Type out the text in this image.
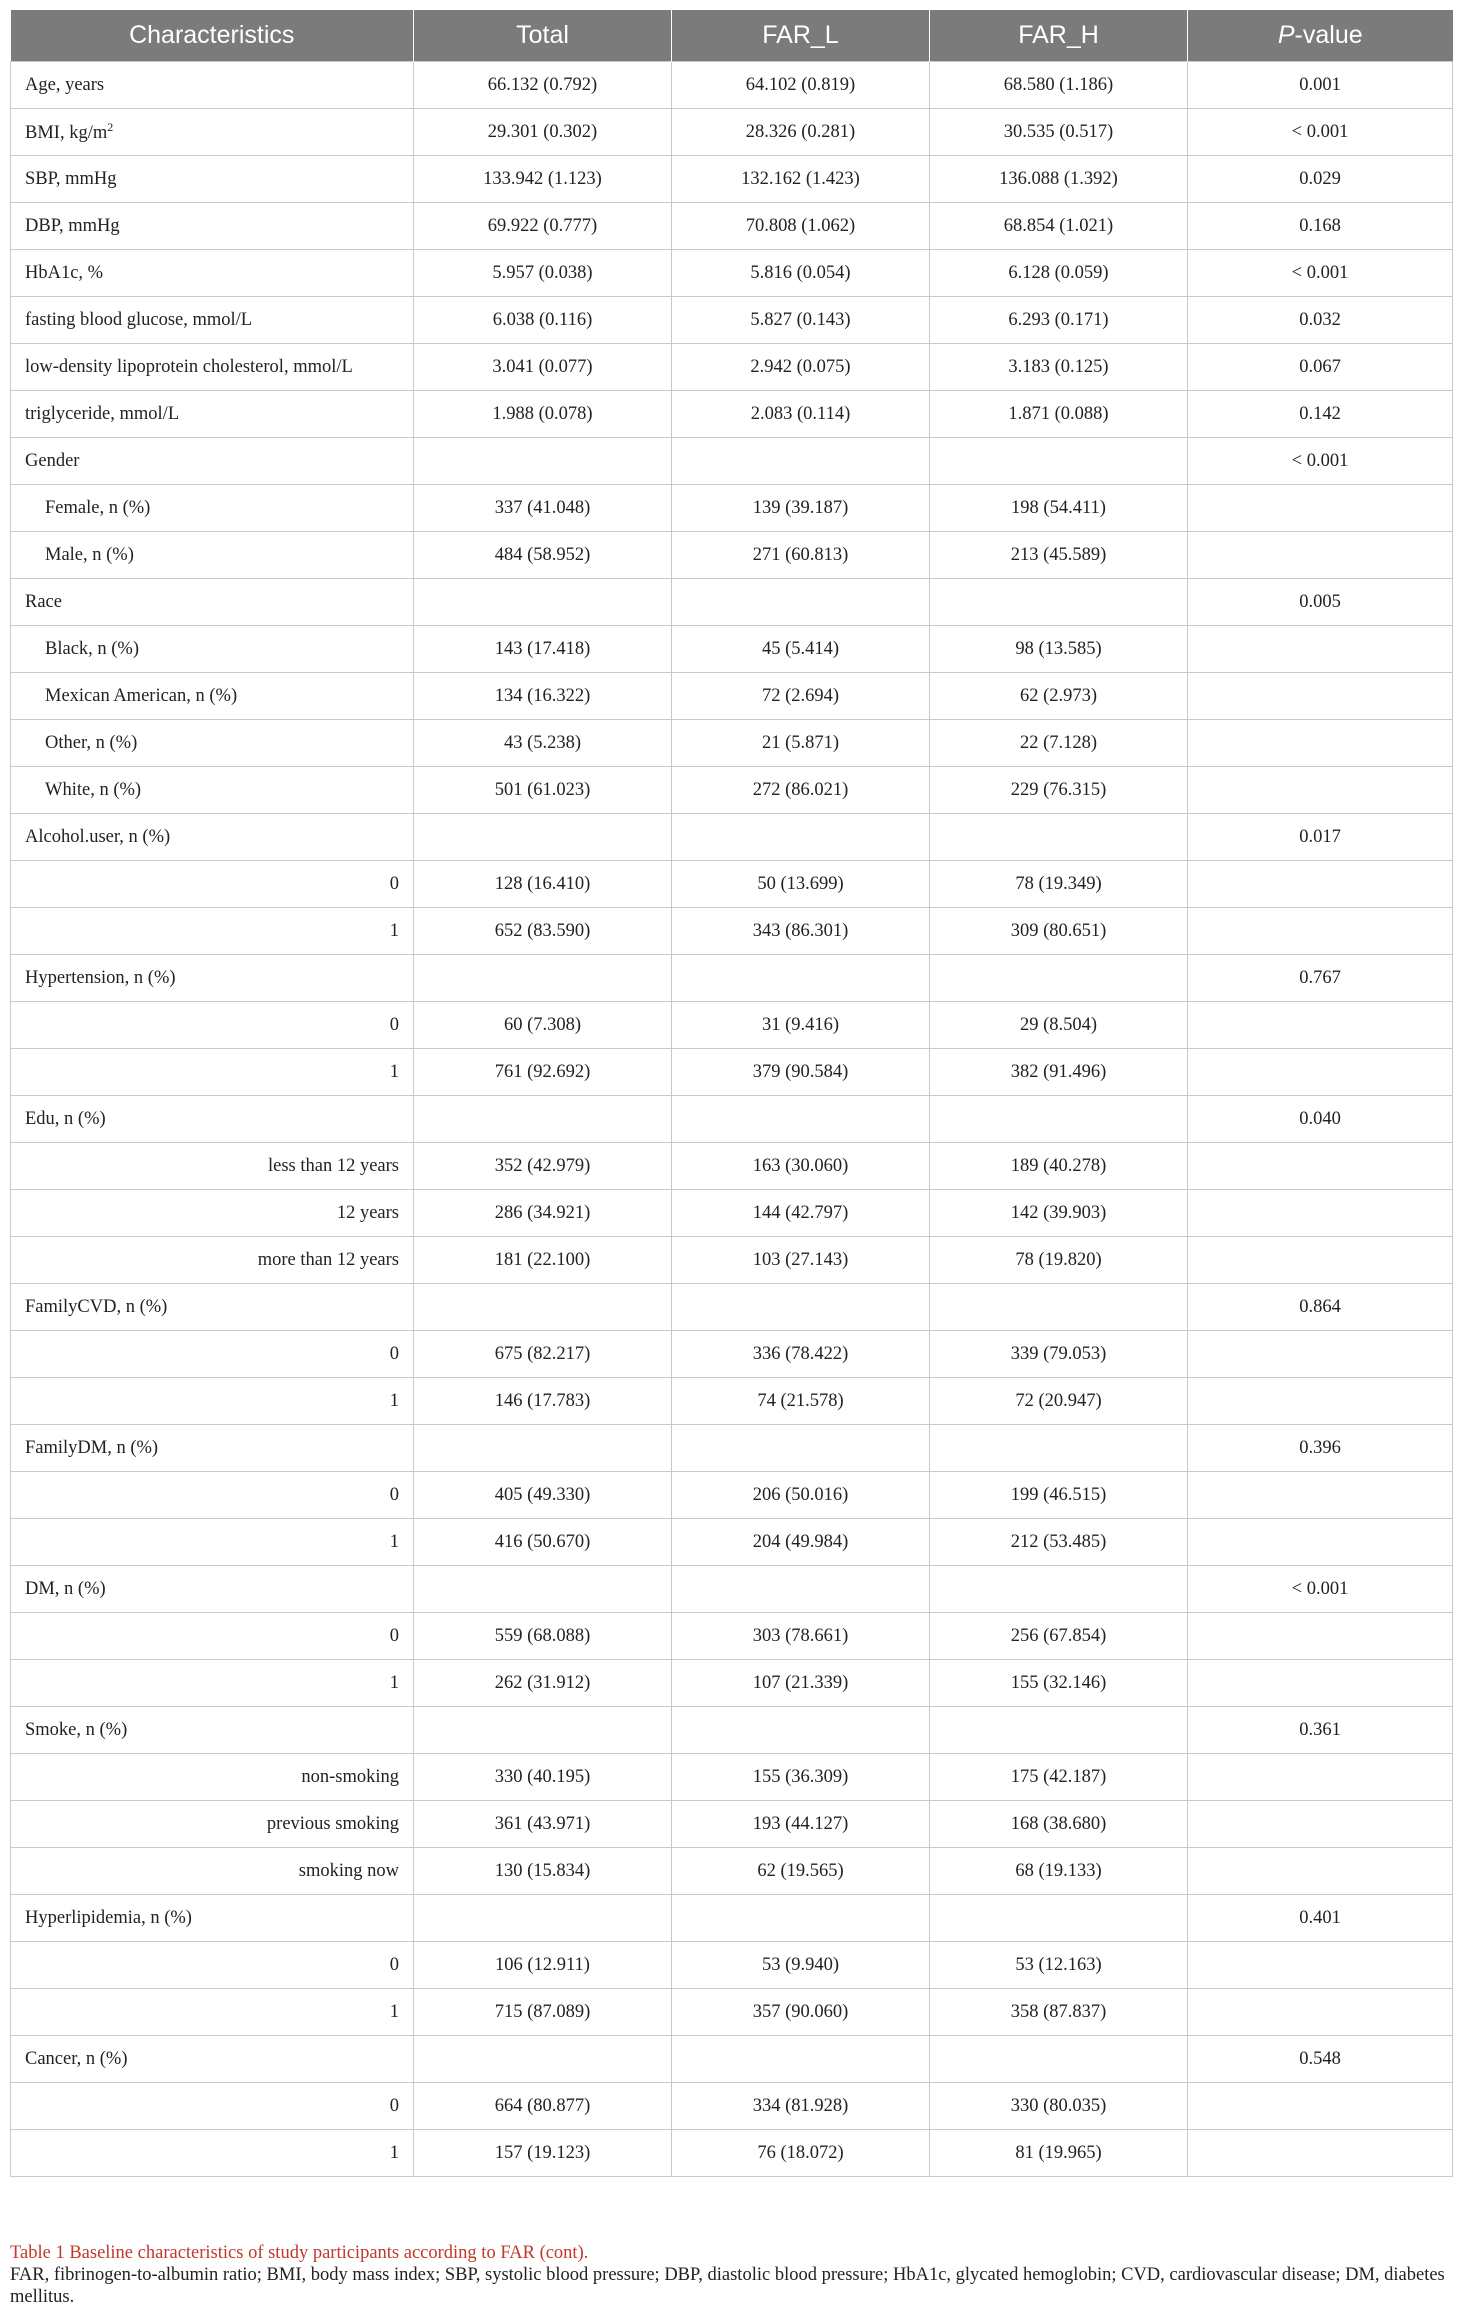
Characteristics	Total	FAR_L	FAR_H	P-value
Age, years	66.132 (0.792)	64.102 (0.819)	68.580 (1.186)	0.001
BMI, $kg/m^2$	29.301 (0.302)	28.326 (0.281)	30.535 (0.517)	< 0.001
SBP, mmHg	133.942 (1.123)	132.162 (1.423)	136.088 (1.392)	0.029
DBP, mmHg	69.922 (0.777)	70.808 (1.062)	68.854 (1.021)	0.168
HbA1c, %	5.957 (0.038)	5.816 (0.054)	6.128 (0.059)	< 0.001
fasting blood glucose, mmol/L	6.038 (0.116)	5.827 (0.143)	6.293 (0.171)	0.032
low-density lipoprotein cholesterol, mmol/L	3.041 (0.077)	2.942 (0.075)	3.183 (0.125)	0.067
triglyceride, mmol/L	1.988 (0.078)	2.083 (0.114)	1.871 (0.088)	0.142
Gender				< 0.001
Female, n (%)	337 (41.048)	139 (39.187)	198 (54.411)	
Male, n (%)	484 (58.952)	271 (60.813)	213 (45.589)	
Race				0.005
Black, n (%)	143 (17.418)	45 (5.414)	98 (13.585)	
Mexican American, n (%)	134 (16.322)	72 (2.694)	62 (2.973)	
Other, n (%)	43 (5.238)	21 (5.871)	22 (7.128)	
White, n (%)	501 (61.023)	272 (86.021)	229 (76.315)	
Alcohol.user, n (%)				0.017
0	128 (16.410)	50 (13.699)	78 (19.349)	
1	652 (83.590)	343 (86.301)	309 (80.651)	
Hypertension, n (%)				0.767
0	60 (7.308)	31 (9.416)	29 (8.504)	
1	761 (92.692)	379 (90.584)	382 (91.496)	
Edu, n (%)				0.040
less than 12 years	352 (42.979)	163 (30.060)	189 (40.278)	
12 years	286 (34.921)	144 (42.797)	142 (39.903)	
more than 12 years	181 (22.100)	103 (27.143)	78 (19.820)	
FamilyCVD, n (%)				0.864
0	675 (82.217)	336 (78.422)	339 (79.053)	
1	146 (17.783)	74 (21.578)	72 (20.947)	
FamilyDM, n (%)				0.396
0	405 (49.330)	206 (50.016)	199 (46.515)	
1	416 (50.670)	204 (49.984)	212 (53.485)	
DM, n (%)				< 0.001
0	559 (68.088)	303 (78.661)	256 (67.854)	
1	262 (31.912)	107 (21.339)	155 (32.146)	
Smoke, n (%)				0.361
non-smoking	330 (40.195)	155 (36.309)	175 (42.187)	
previous smoking	361 (43.971)	193 (44.127)	168 (38.680)	
smoking now	130 (15.834)	62 (19.565)	68 (19.133)	
Hyperlipidemia, n (%)				0.401
0	106 (12.911)	53 (9.940)	53 (12.163)	
1	715 (87.089)	357 (90.060)	358 (87.837)	
Cancer, n (%)				0.548
0	664 (80.877)	334 (81.928)	330 (80.035)	
1	157 (19.123)	76 (18.072)	81 (19.965)	
Table 1 Baseline characteristics of study participants according to FAR (cont).
FAR, fibrinogen-to-albumin ratio; BMI, body mass index; SBP, systolic blood pressure; DBP, diastolic blood pressure; HbA1c, glycated hemoglobin; CVD, cardiovascular disease; DM, diabetes mellitus.
